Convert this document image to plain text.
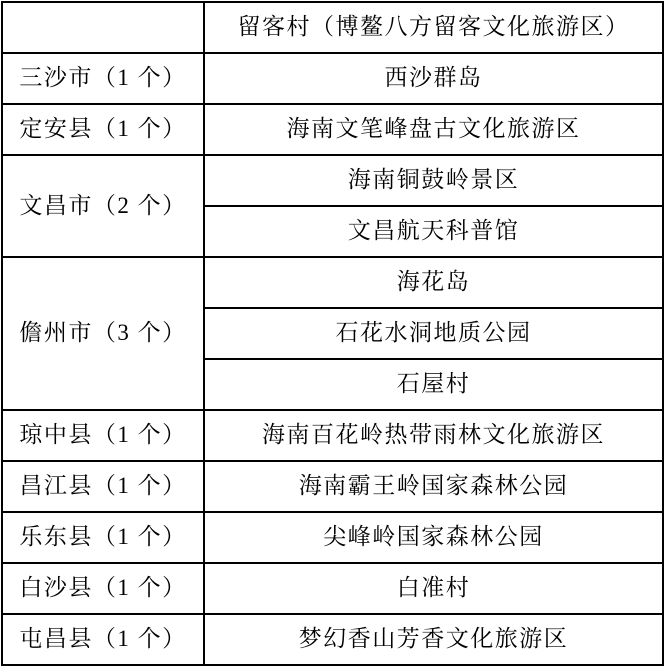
	留客村（博鳌八方留客文化旅游区）
三沙市（1 个）	西沙群岛
定安县（1 个）	海南文笔峰盘古文化旅游区
文昌市（2 个）	海南铜鼓岭景区
	文昌航天科普馆
儋州市（3 个）	海花岛
	石花水洞地质公园
	石屋村
琼中县（1 个）	海南百花岭热带雨林文化旅游区
昌江县（1 个）	海南霸王岭国家森林公园
乐东县（1 个）	尖峰岭国家森林公园
白沙县（1 个）	白准村
屯昌县（1 个）	梦幻香山芳香文化旅游区
